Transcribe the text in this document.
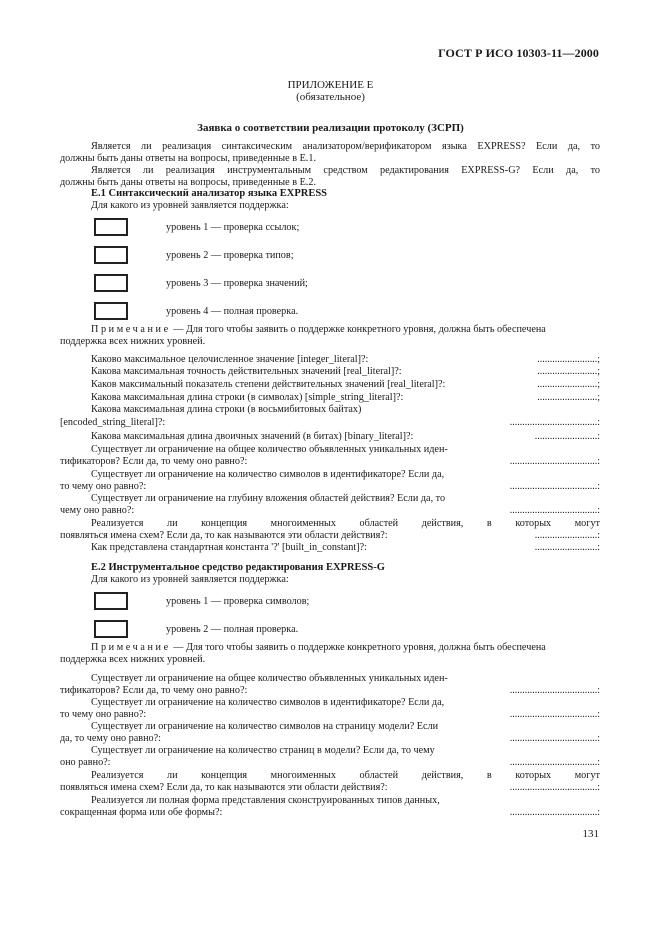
ГОСТ Р ИСО 10303-11—2000
ПРИЛОЖЕНИЕ Е
(обязательное)
Заявка о соответствии реализации протоколу (ЗСРП)
Является ли реализация синтаксическим анализатором/верификатором языка EXPRESS? Если да, то
должны быть даны ответы на вопросы, приведенные в Е.1.
Является ли реализация инструментальным средством редактирования EXPRESS-G? Если да, то
должны быть даны ответы на вопросы, приведенные в Е.2.
Е.1 Синтаксический анализатор языка EXPRESS
Для какого из уровней заявляется поддержка:
уровень 1 — проверка ссылок;
уровень 2 — проверка типов;
уровень 3 — проверка значений;
уровень 4 — полная проверка.
Примечание — Для того чтобы заявить о поддержке конкретного уровня, должна быть обеспечена
поддержка всех нижних уровней.
Каково максимальное целочисленное значение [integer_literal]?:	........................;
Какова максимальная точность действительных значений [real_literal]?:	........................;
Каков максимальный показатель степени действительных значений [real_literal]?:	........................;
Какова максимальная длина строки (в символах) [simple_string_literal]?:	........................;
Какова максимальная длина строки (в восьмибитовых байтах)
[encoded_string_literal]?:	...................................:
Какова максимальная длина двоичных значений (в битах) [binary_literal]?:	.........................:
Существует ли ограничение на общее количество объявленных уникальных иден-
тификаторов? Если да, то чему оно равно?:	...................................:
Существует ли ограничение на количество символов в идентификаторе? Если да,
то чему оно равно?:	...................................:
Существует ли ограничение на глубину вложения областей действия? Если да, то
чему оно равно?:	...................................:
Реализуется ли концепция многоименных областей действия, в которых могут
появляться имена схем? Если да, то как называются эти области действия?:	.........................:
Как представлена стандартная константа '?' [built_in_constant]?:	.........................:
Е.2 Инструментальное средство редактирования EXPRESS-G
Для какого из уровней заявляется поддержка:
уровень 1 — проверка символов;
уровень 2 — полная проверка.
Примечание — Для того чтобы заявить о поддержке конкретного уровня, должна быть обеспечена
поддержка всех нижних уровней.
Существует ли ограничение на общее количество объявленных уникальных иден-
тификаторов? Если да, то чему оно равно?:	...................................:
Существует ли ограничение на количество символов в идентификаторе? Если да,
то чему оно равно?:	...................................:
Существует ли ограничение на количество символов на страницу модели? Если
да, то чему оно равно?:	...................................:
Существует ли ограничение на количество страниц в модели? Если да, то чему
оно равно?:	...................................:
Реализуется ли концепция многоименных областей действия, в которых могут
появляться имена схем? Если да, то как называются эти области действия?:	...................................:
Реализуется ли полная форма представления сконструированных типов данных,
сокращенная форма или обе формы?:	...................................:
131
